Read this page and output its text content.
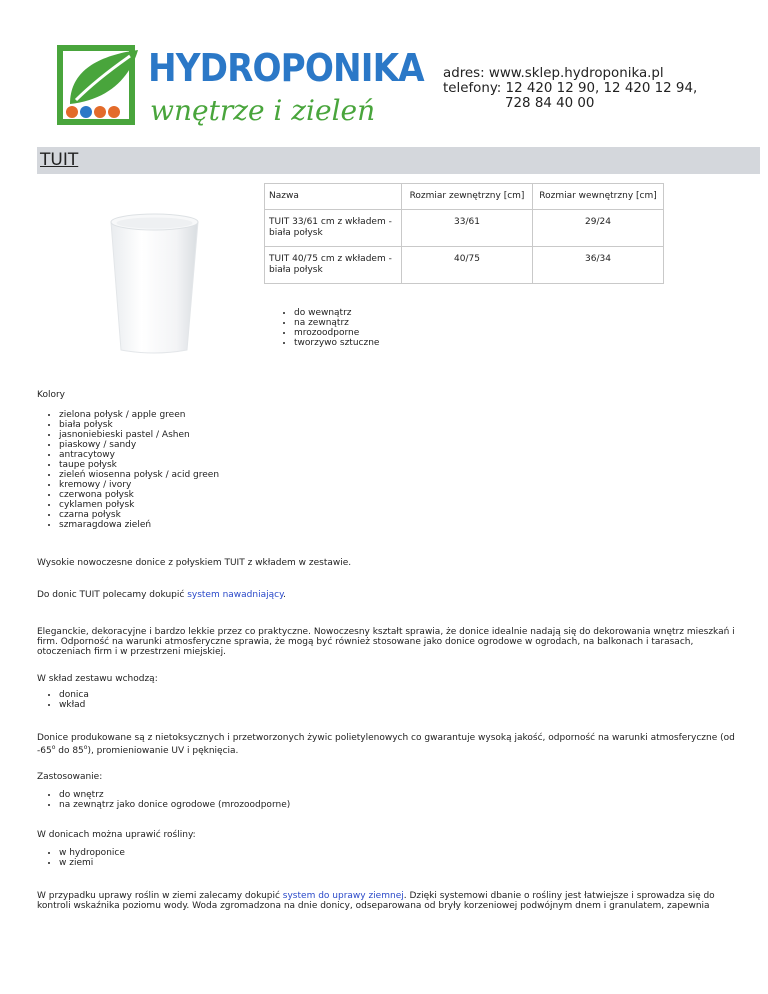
HYDROPONIKA
wnętrze i zieleń
adres: www.sklep.hydroponika.pl
telefony: 12 420 12 90, 12 420 12 94,
728 84 40 00
TUIT
Nazwa	Rozmiar zewnętrzny [cm]	Rozmiar wewnętrzny [cm]
TUIT 33/61 cm z wkładem - biała połysk	33/61	29/24
TUIT 40/75 cm z wkładem - biała połysk	40/75	36/34
• do wewnątrz
• na zewnątrz
• mrozoodporne
• tworzywo sztuczne
Kolory
• zielona połysk / apple green
• biała połysk
• jasnoniebieski pastel / Ashen
• piaskowy / sandy
• antracytowy
• taupe połysk
• zieleń wiosenna połysk / acid green
• kremowy / ivory
• czerwona połysk
• cyklamen połysk
• czarna połysk
• szmaragdowa zieleń
Wysokie nowoczesne donice z połyskiem TUIT z wkładem w zestawie.
Do donic TUIT polecamy dokupić system nawadniający.
Eleganckie, dekoracyjne i bardzo lekkie przez co praktyczne. Nowoczesny kształt sprawia, że donice idealnie nadają się do dekorowania wnętrz mieszkań i firm. Odporność na warunki atmosferyczne sprawia, że mogą być również stosowane jako donice ogrodowe w ogrodach, na balkonach i tarasach, otoczeniach firm i w przestrzeni miejskiej.
W skład zestawu wchodzą:
• donica
• wkład
Donice produkowane są z nietoksycznych i przetworzonych żywic polietylenowych co gwarantuje wysoką jakość, odporność na warunki atmosferyczne (od -65$^o$ do 85$^o$), promieniowanie UV i pęknięcia.
Zastosowanie:
• do wnętrz
• na zewnątrz jako donice ogrodowe (mrozoodporne)
W donicach można uprawić rośliny:
• w hydroponice
• w ziemi
W przypadku uprawy roślin w ziemi zalecamy dokupić system do uprawy ziemnej. Dzięki systemowi dbanie o rośliny jest łatwiejsze i sprowadza się do kontroli wskaźnika poziomu wody. Woda zgromadzona na dnie donicy, odseparowana od bryły korzeniowej podwójnym dnem i granulatem, zapewnia
